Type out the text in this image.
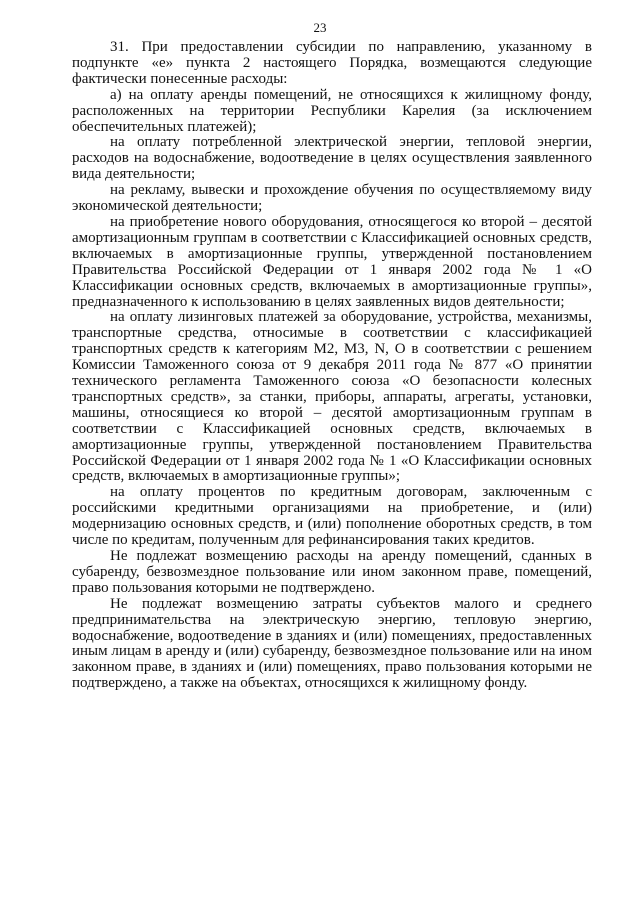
23

31. При предоставлении субсидии по направлению, указанному в подпункте «е» пункта 2 настоящего Порядка, возмещаются следующие фактически понесенные расходы:

а) на оплату аренды помещений, не относящихся к жилищному фонду, расположенных на территории Республики Карелия (за исключением обеспечительных платежей);

на оплату потребленной электрической энергии, тепловой энергии, расходов на водоснабжение, водоотведение в целях осуществления заявленного вида деятельности;

на рекламу, вывески и прохождение обучения по осуществляемому виду экономической деятельности;

на приобретение нового оборудования, относящегося ко второй – десятой амортизационным группам в соответствии с Классификацией основных средств, включаемых в амортизационные группы, утвержденной постановлением Правительства Российской Федерации от 1 января 2002 года № 1 «О Классификации основных средств, включаемых в амортизационные группы», предназначенного к использованию в целях заявленных видов деятельности;

на оплату лизинговых платежей за оборудование, устройства, механизмы, транспортные средства, относимые в соответствии с классификацией транспортных средств к категориям M2, M3, N, O в соответствии с решением Комиссии Таможенного союза от 9 декабря 2011 года № 877 «О принятии технического регламента Таможенного союза «О безопасности колесных транспортных средств», за станки, приборы, аппараты, агрегаты, установки, машины, относящиеся ко второй – десятой амортизационным группам в соответствии с Классификацией основных средств, включаемых в амортизационные группы, утвержденной постановлением Правительства Российской Федерации от 1 января 2002 года № 1 «О Классификации основных средств, включаемых в амортизационные группы»;

на оплату процентов по кредитным договорам, заключенным с российскими кредитными организациями на приобретение, и (или) модернизацию основных средств, и (или) пополнение оборотных средств, в том числе по кредитам, полученным для рефинансирования таких кредитов.

Не подлежат возмещению расходы на аренду помещений, сданных в субаренду, безвозмездное пользование или ином законном праве, помещений, право пользования которыми не подтверждено.

Не подлежат возмещению затраты субъектов малого и среднего предпринимательства на электрическую энергию, тепловую энергию, водоснабжение, водоотведение в зданиях и (или) помещениях, предоставленных иным лицам в аренду и (или) субаренду, безвозмездное пользование или на ином законном праве, в зданиях и (или) помещениях, право пользования которыми не подтверждено, а также на объектах, относящихся к жилищному фонду.
